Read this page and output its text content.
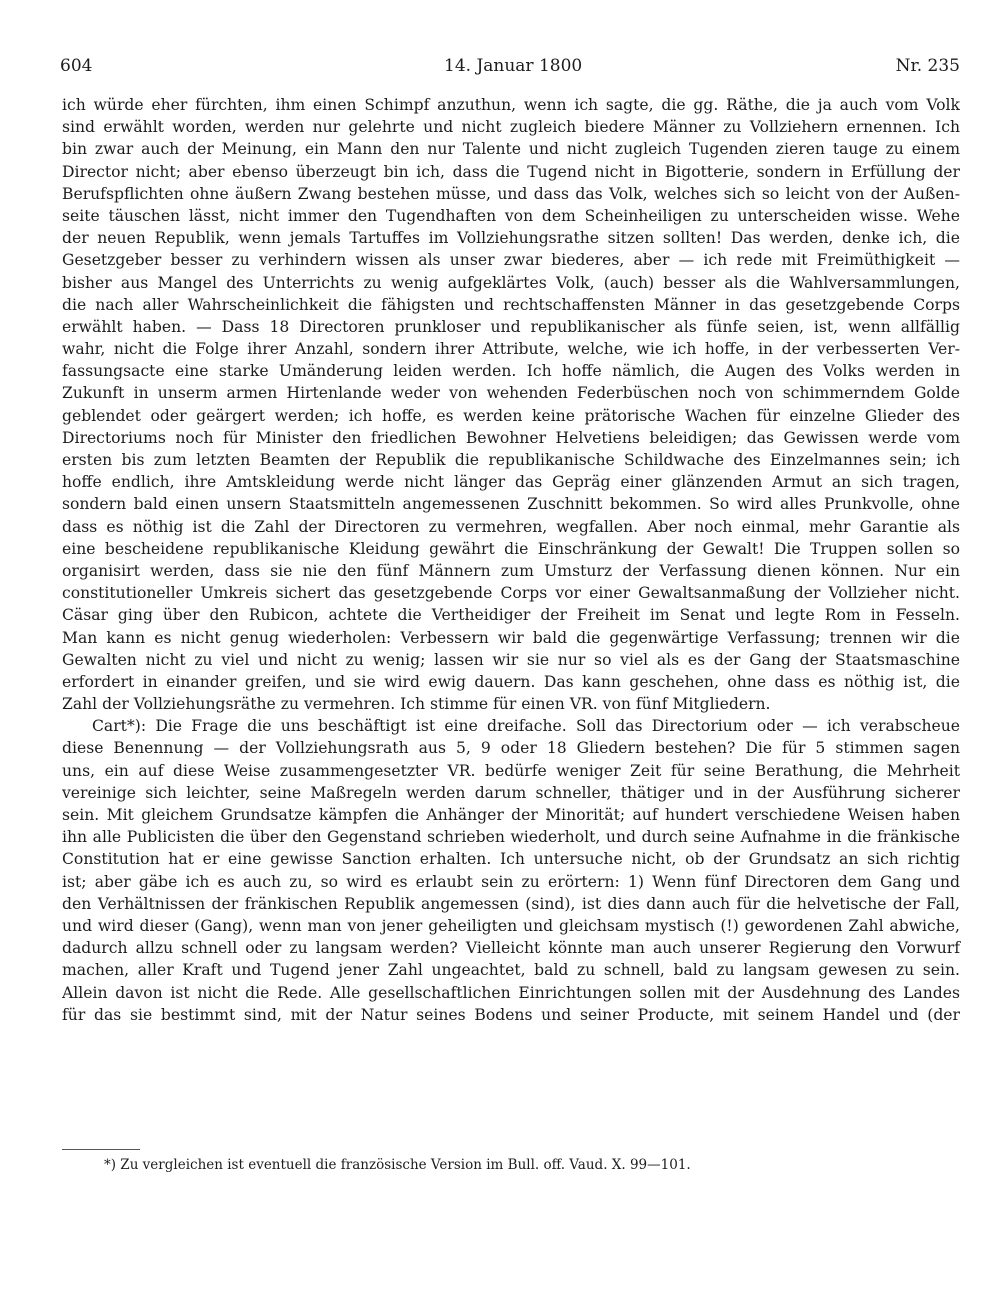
604	14. Januar 1800	Nr. 235
ich würde eher fürchten, ihm einen Schimpf anzuthun, wenn ich sagte, die gg. Räthe, die ja auch vom Volk
sind erwählt worden, werden nur gelehrte und nicht zugleich biedere Männer zu Vollziehern ernennen. Ich
bin zwar auch der Meinung, ein Mann den nur Talente und nicht zugleich Tugenden zieren tauge zu einem
Director nicht; aber ebenso überzeugt bin ich, dass die Tugend nicht in Bigotterie, sondern in Erfüllung der
Berufspflichten ohne äußern Zwang bestehen müsse, und dass das Volk, welches sich so leicht von der Außen-
seite täuschen lässt, nicht immer den Tugendhaften von dem Scheinheiligen zu unterscheiden wisse. Wehe
der neuen Republik, wenn jemals Tartuffes im Vollziehungsrathe sitzen sollten! Das werden, denke ich, die
Gesetzgeber besser zu verhindern wissen als unser zwar biederes, aber — ich rede mit Freimüthigkeit —
bisher aus Mangel des Unterrichts zu wenig aufgeklärtes Volk, (auch) besser als die Wahlversammlungen,
die nach aller Wahrscheinlichkeit die fähigsten und rechtschaffensten Männer in das gesetzgebende Corps
erwählt haben. — Dass 18 Directoren prunkloser und republikanischer als fünfe seien, ist, wenn allfällig
wahr, nicht die Folge ihrer Anzahl, sondern ihrer Attribute, welche, wie ich hoffe, in der verbesserten Ver-
fassungsacte eine starke Umänderung leiden werden. Ich hoffe nämlich, die Augen des Volks werden in
Zukunft in unserm armen Hirtenlande weder von wehenden Federbüschen noch von schimmerndem Golde
geblendet oder geärgert werden; ich hoffe, es werden keine prätorische Wachen für einzelne Glieder des
Directoriums noch für Minister den friedlichen Bewohner Helvetiens beleidigen; das Gewissen werde vom
ersten bis zum letzten Beamten der Republik die republikanische Schildwache des Einzelmannes sein; ich
hoffe endlich, ihre Amtskleidung werde nicht länger das Gepräg einer glänzenden Armut an sich tragen,
sondern bald einen unsern Staatsmitteln angemessenen Zuschnitt bekommen. So wird alles Prunkvolle, ohne
dass es nöthig ist die Zahl der Directoren zu vermehren, wegfallen. Aber noch einmal, mehr Garantie als
eine bescheidene republikanische Kleidung gewährt die Einschränkung der Gewalt! Die Truppen sollen so
organisirt werden, dass sie nie den fünf Männern zum Umsturz der Verfassung dienen können. Nur ein
constitutioneller Umkreis sichert das gesetzgebende Corps vor einer Gewaltsanmaßung der Vollzieher nicht.
Cäsar ging über den Rubicon, achtete die Vertheidiger der Freiheit im Senat und legte Rom in Fesseln.
Man kann es nicht genug wiederholen: Verbessern wir bald die gegenwärtige Verfassung; trennen wir die
Gewalten nicht zu viel und nicht zu wenig; lassen wir sie nur so viel als es der Gang der Staatsmaschine
erfordert in einander greifen, und sie wird ewig dauern. Das kann geschehen, ohne dass es nöthig ist, die
Zahl der Vollziehungsräthe zu vermehren. Ich stimme für einen VR. von fünf Mitgliedern.
Cart*): Die Frage die uns beschäftigt ist eine dreifache. Soll das Directorium oder — ich verabscheue
diese Benennung — der Vollziehungsrath aus 5, 9 oder 18 Gliedern bestehen? Die für 5 stimmen sagen
uns, ein auf diese Weise zusammengesetzter VR. bedürfe weniger Zeit für seine Berathung, die Mehrheit
vereinige sich leichter, seine Maßregeln werden darum schneller, thätiger und in der Ausführung sicherer
sein. Mit gleichem Grundsatze kämpfen die Anhänger der Minorität; auf hundert verschiedene Weisen haben
ihn alle Publicisten die über den Gegenstand schrieben wiederholt, und durch seine Aufnahme in die fränkische
Constitution hat er eine gewisse Sanction erhalten. Ich untersuche nicht, ob der Grundsatz an sich richtig
ist; aber gäbe ich es auch zu, so wird es erlaubt sein zu erörtern: 1) Wenn fünf Directoren dem Gang und
den Verhältnissen der fränkischen Republik angemessen (sind), ist dies dann auch für die helvetische der Fall,
und wird dieser (Gang), wenn man von jener geheiligten und gleichsam mystisch (!) gewordenen Zahl abwiche,
dadurch allzu schnell oder zu langsam werden? Vielleicht könnte man auch unserer Regierung den Vorwurf
machen, aller Kraft und Tugend jener Zahl ungeachtet, bald zu schnell, bald zu langsam gewesen zu sein.
Allein davon ist nicht die Rede. Alle gesellschaftlichen Einrichtungen sollen mit der Ausdehnung des Landes
für das sie bestimmt sind, mit der Natur seines Bodens und seiner Producte, mit seinem Handel und (der
*) Zu vergleichen ist eventuell die französische Version im Bull. off. Vaud. X. 99—101.
